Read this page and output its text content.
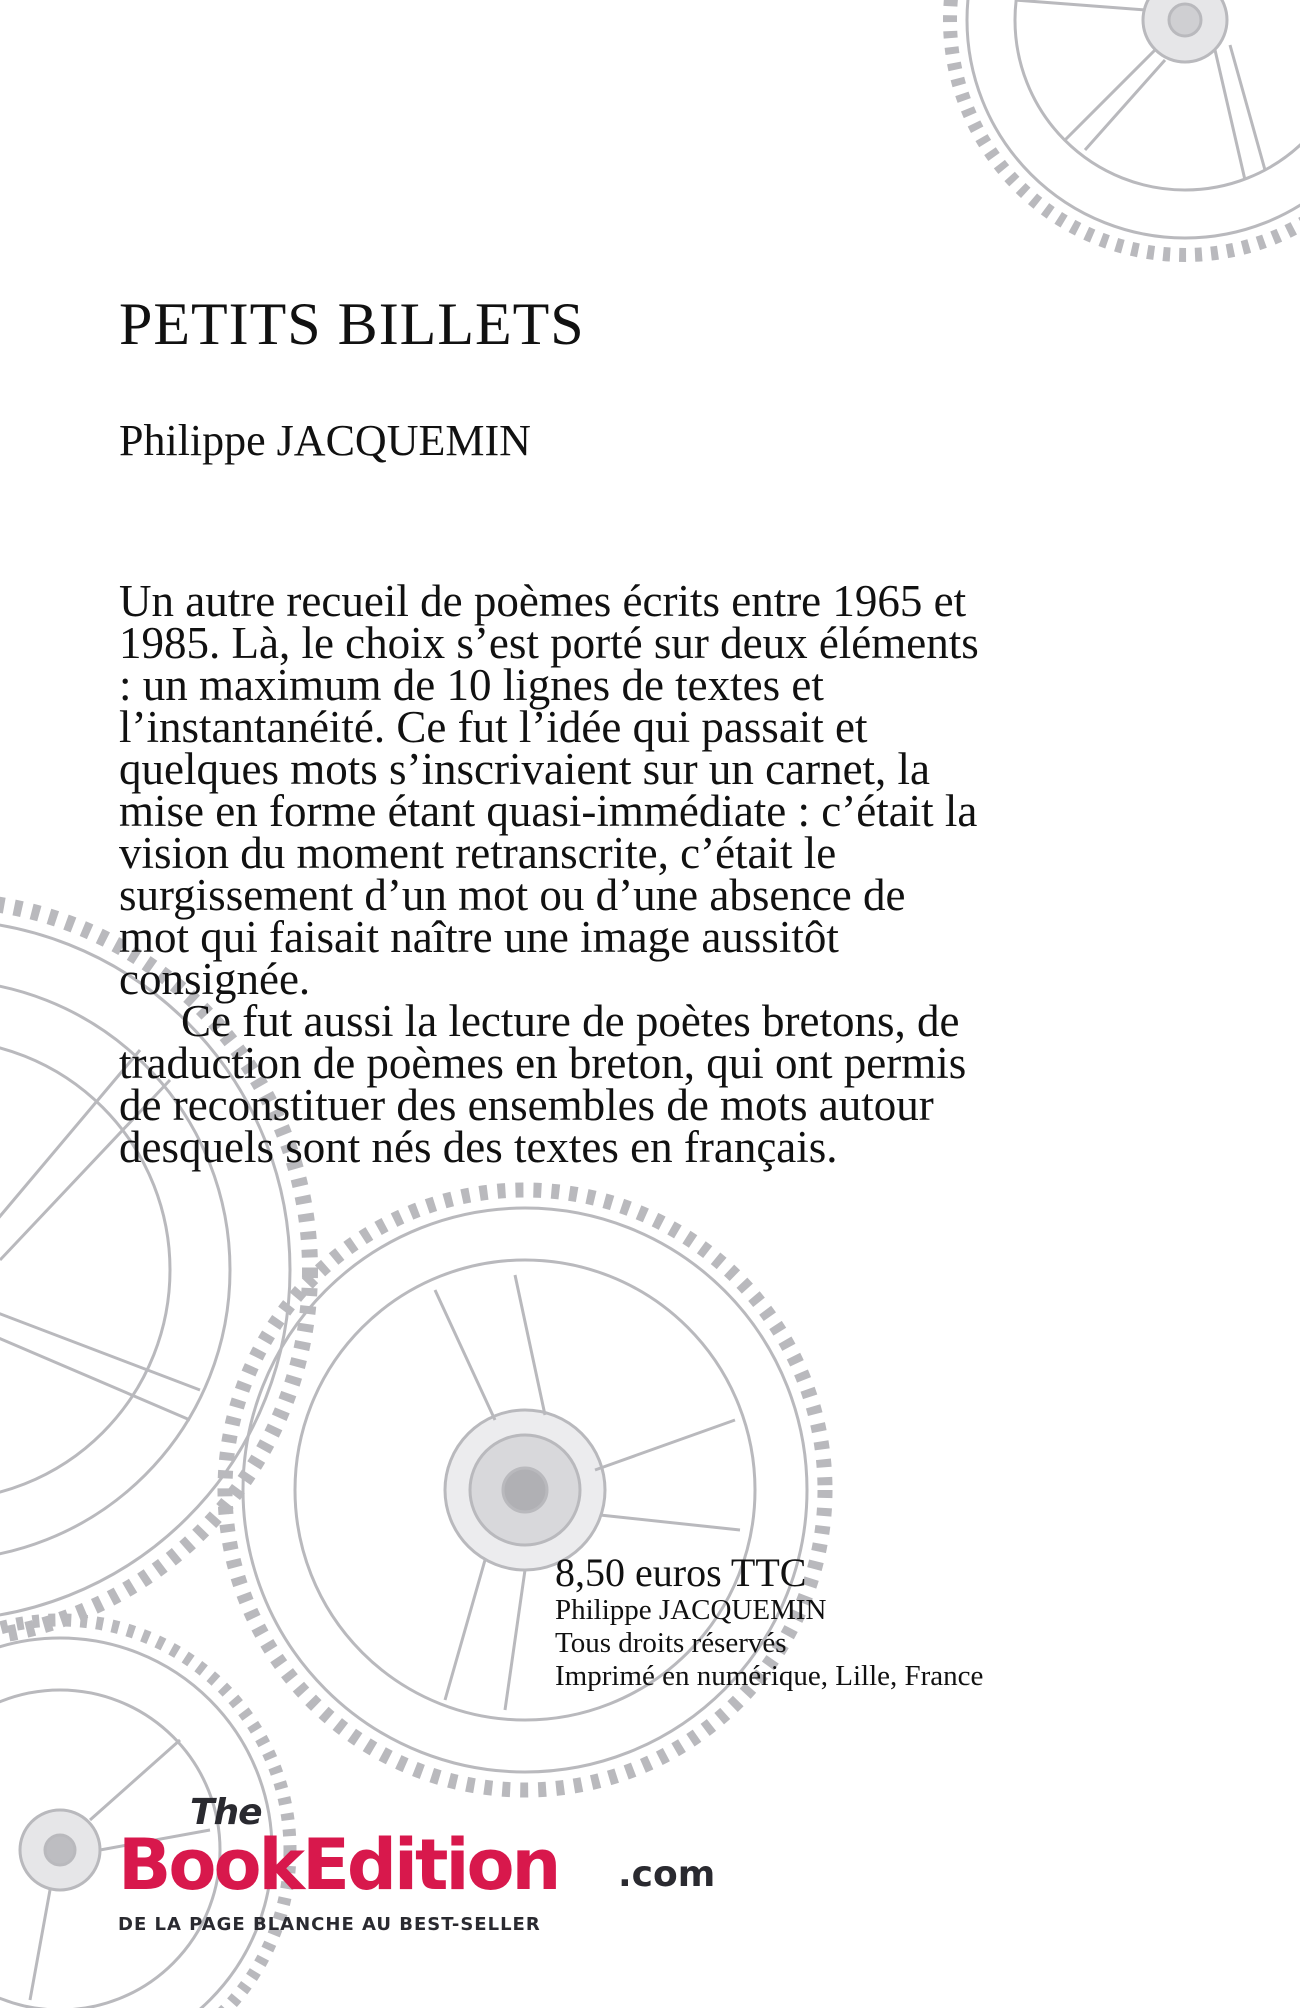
PETITS BILLETS
Philippe JACQUEMIN

Un autre recueil de poèmes écrits entre 1965 et 1985. Là, le choix s’est porté sur deux éléments : un maximum de 10 lignes de textes et l’instantanéité. Ce fut l’idée qui passait et quelques mots s’inscrivaient sur un carnet, la mise en forme étant quasi-immédiate : c’était la vision du moment retranscrite, c’était le surgissement d’un mot ou d’une absence de mot qui faisait naître une image aussitôt consignée.

Ce fut aussi la lecture de poètes bretons, de traduction de poèmes en breton, qui ont permis de reconstituer des ensembles de mots autour desquels sont nés des textes en français.

8,50 euros TTC
Philippe JACQUEMIN
Tous droits réservés
Imprimé en numérique, Lille, France
The
BookEdition .com
DE LA PAGE BLANCHE AU BEST-SELLER
